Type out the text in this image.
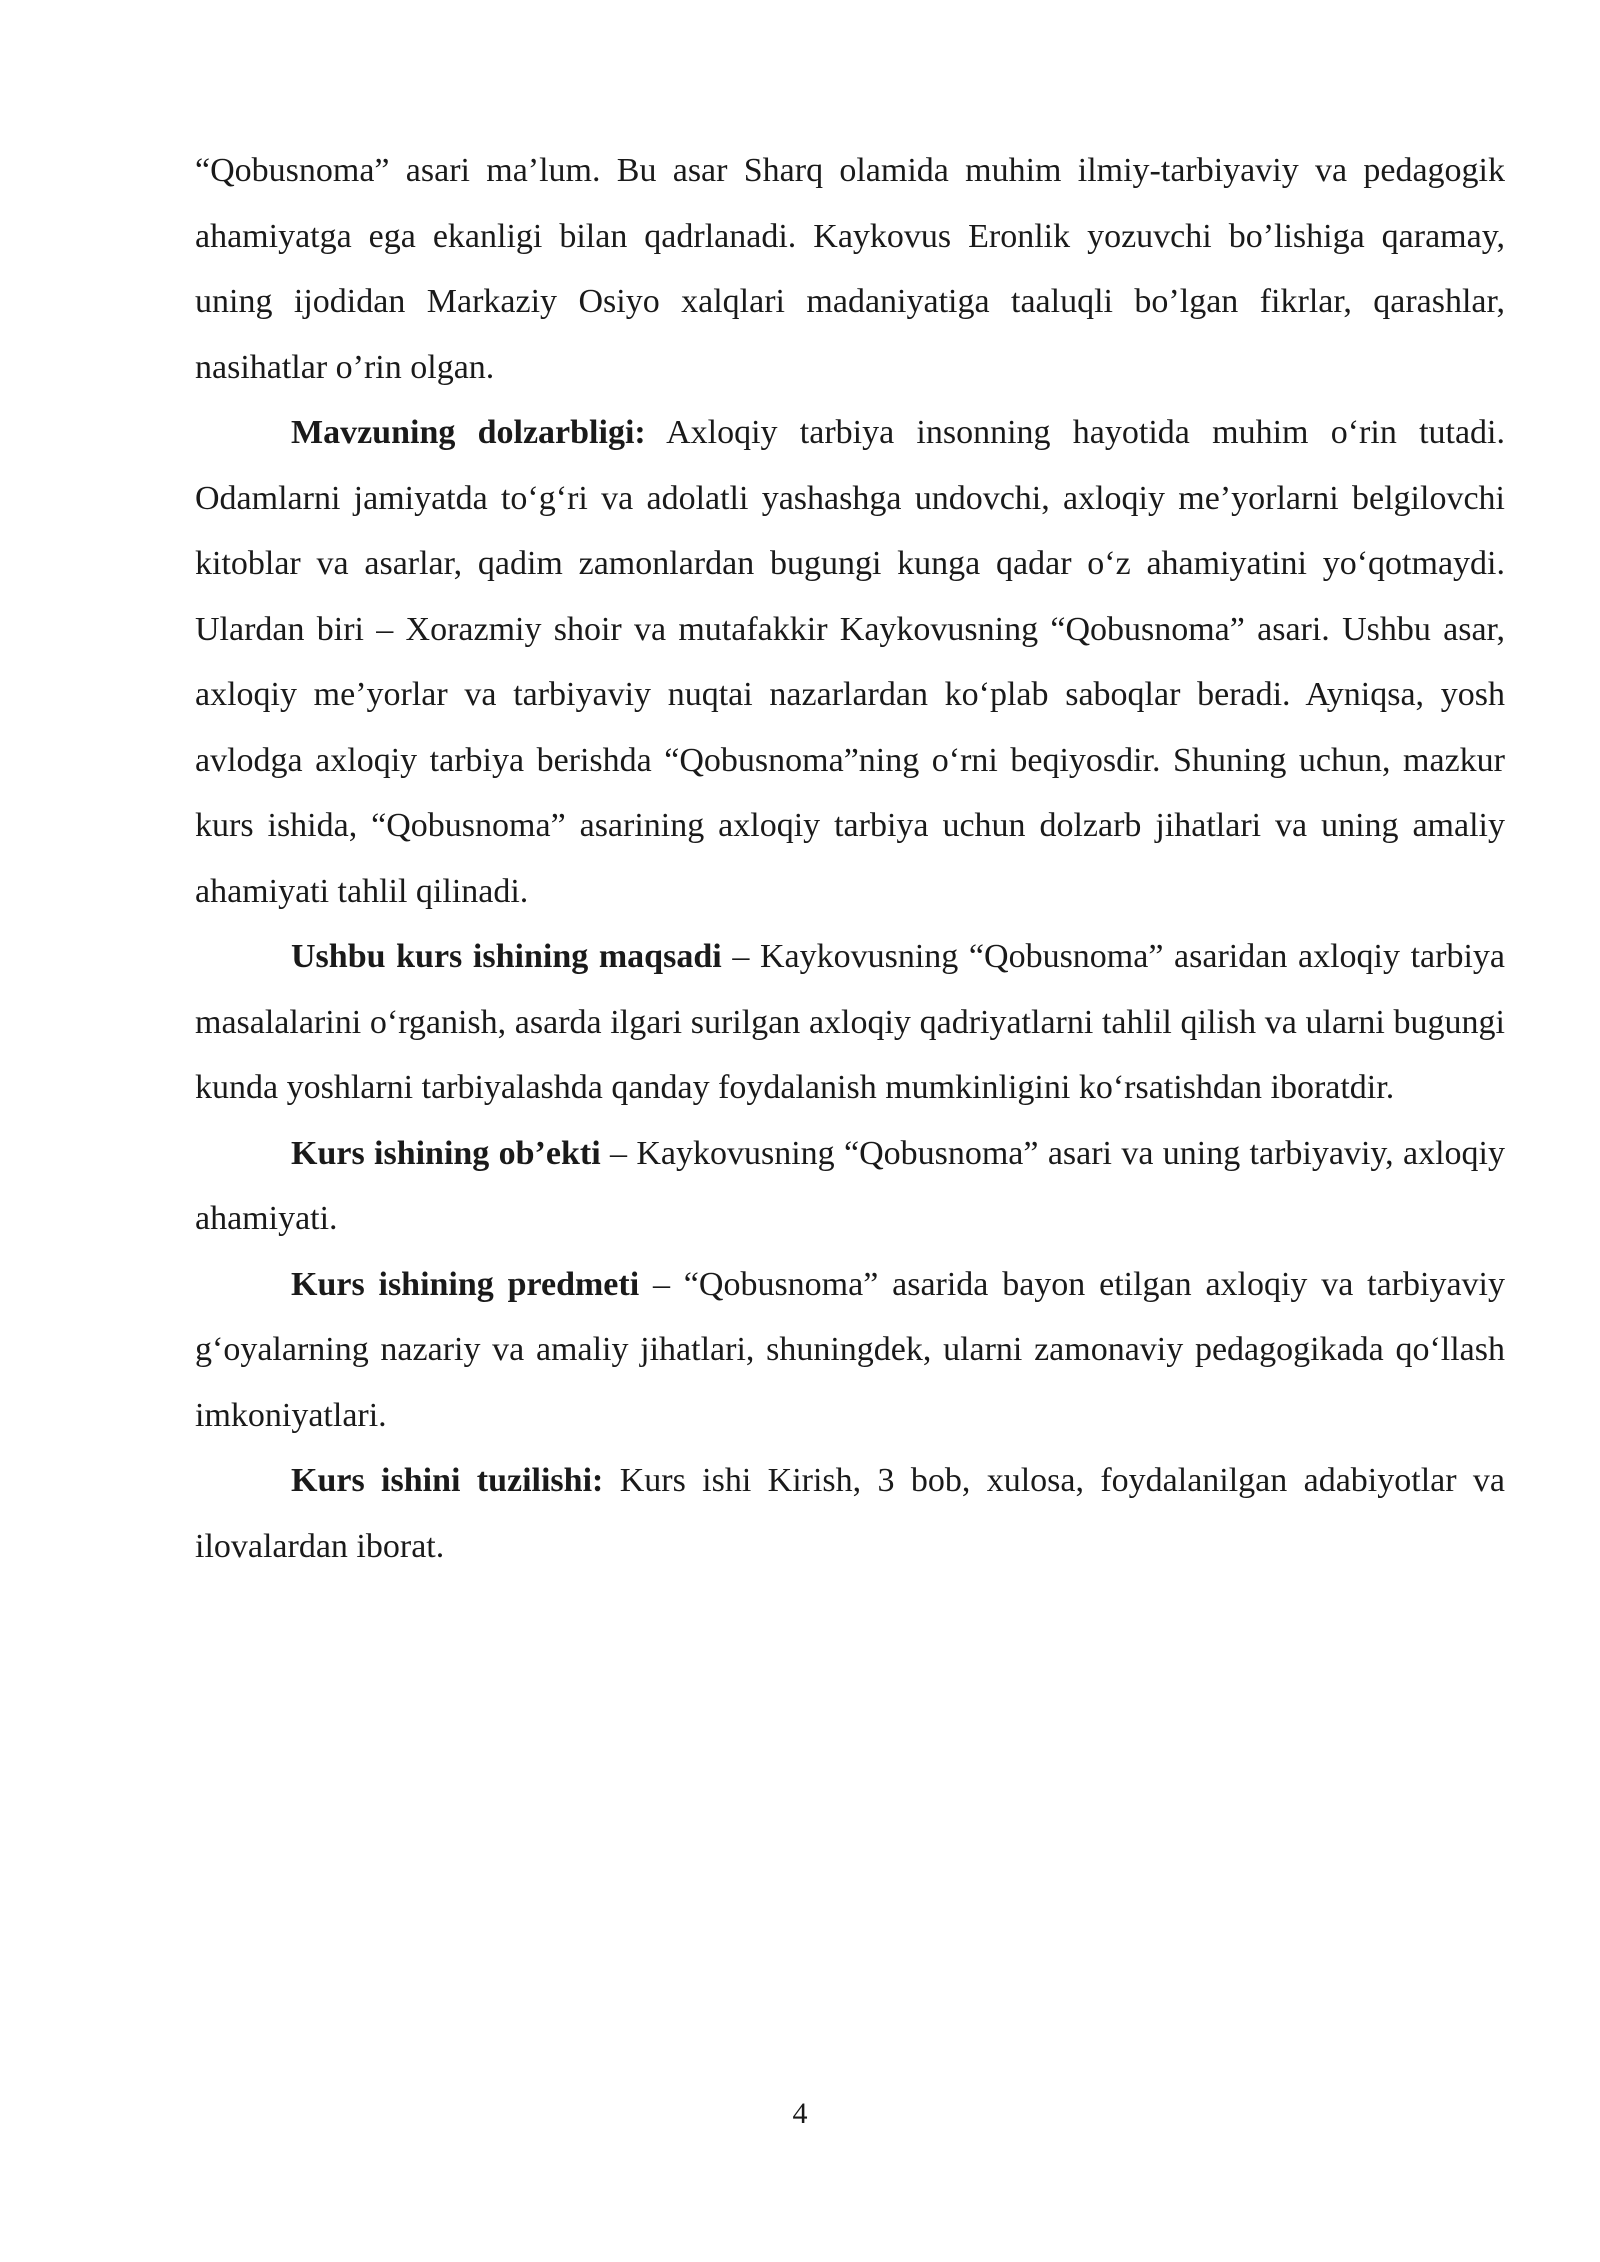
“Qobusnoma” asari ma’lum. Bu asar Sharq olamida muhim ilmiy-tarbiyaviy va pedagogik ahamiyatga ega ekanligi bilan qadrlanadi. Kaykovus Eronlik yozuvchi bo’lishiga qaramay, uning ijodidan Markaziy Osiyo xalqlari madaniyatiga taaluqli bo’lgan fikrlar, qarashlar, nasihatlar o’rin olgan.

Mavzuning dolzarbligi: Axloqiy tarbiya insonning hayotida muhim oʻrin tutadi. Odamlarni jamiyatda toʻgʻri va adolatli yashashga undovchi, axloqiy me’yorlarni belgilovchi kitoblar va asarlar, qadim zamonlardan bugungi kunga qadar oʻz ahamiyatini yoʻqotmaydi. Ulardan biri – Xorazmiy shoir va mutafakkir Kaykovusning “Qobusnoma” asari. Ushbu asar, axloqiy me’yorlar va tarbiyaviy nuqtai nazarlardan koʻplab saboqlar beradi. Ayniqsa, yosh avlodga axloqiy tarbiya berishda “Qobusnoma”ning oʻrni beqiyosdir. Shuning uchun, mazkur kurs ishida, “Qobusnoma” asarining axloqiy tarbiya uchun dolzarb jihatlari va uning amaliy ahamiyati tahlil qilinadi.

Ushbu kurs ishining maqsadi – Kaykovusning “Qobusnoma” asaridan axloqiy tarbiya masalalarini oʻrganish, asarda ilgari surilgan axloqiy qadriyatlarni tahlil qilish va ularni bugungi kunda yoshlarni tarbiyalashda qanday foydalanish mumkinligini koʻrsatishdan iboratdir.

Kurs ishining ob’ekti – Kaykovusning “Qobusnoma” asari va uning tarbiyaviy, axloqiy ahamiyati.

Kurs ishining predmeti – “Qobusnoma” asarida bayon etilgan axloqiy va tarbiyaviy gʻoyalarning nazariy va amaliy jihatlari, shuningdek, ularni zamonaviy pedagogikada qoʻllash imkoniyatlari.

Kurs ishini tuzilishi: Kurs ishi Kirish, 3 bob, xulosa, foydalanilgan adabiyotlar va ilovalardan iborat.

4
